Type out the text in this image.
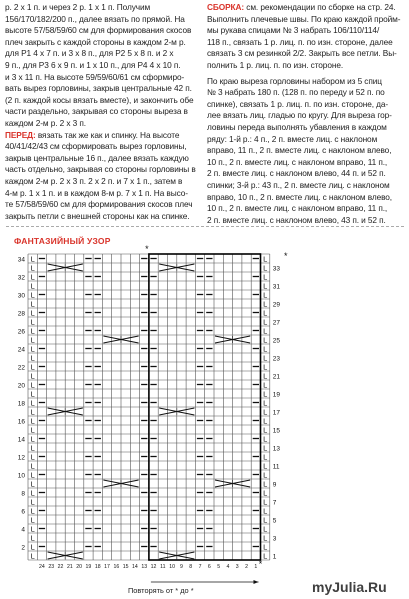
р. 2 х 1 п. и через 2 р. 1 х 1 п. Получим

156/170/182/200 п., далее вязать по прямой. На

высоте 57/58/59/60 см для формирования скосов

плеч закрыть с каждой стороны в каждом 2-м р.

для Р1 4 х 7 п. и 3 х 8 п., для Р2 5 х 8 п. и 2 х

9 п., для Р3 6 х 9 п. и 1 х 10 п., для Р4 4 х 10 п.

и 3 х 11 п. На высоте 59/59/60/61 см сформиро-

вать вырез горловины, закрыв центральные 42 п.

(2 п. каждой косы вязать вместе), и закончить обе

части раздельно, закрывая со стороны выреза в

каждом 2-м р. 2 х 3 п.

ПЕРЕД: вязать так же как и спинку. На высоте

40/41/42/43 см сформировать вырез горловины,

закрыв центральные 16 п., далее вязать каждую

часть отдельно, закрывая со стороны горловины в

каждом 2-м р. 2 х 3 п. 2 х 2 п. и 7 х 1 п., затем в

4-м р. 1 х 1 п. и в каждом 8-м р. 7 х 1 п. На высо-

те 57/58/59/60 см для формирования скосов плеч

закрыть петли с внешней стороны как на спинке.

СБОРКА: см. рекомендации по сборке на стр. 24.

Выполнить плечевые швы. По краю каждой пройм-

мы рукава спицами № 3 набрать 106/110/114/

118 п., связать 1 р. лиц. п. по изн. стороне, далее

связать 3 см резинкой 2/2. Закрыть все петли. Вы-

полнить 1 р. лиц. п. по изн. стороне.

По краю выреза горловины набором из 5 спиц

№ 3 набрать 180 п. (128 п. по переду и 52 п. по

спинке), связать 1 р. лиц. п. по изн. стороне, да-

лее вязать лиц. гладью по кругу. Для выреза гор-

ловины переда выполнять убавления в каждом

ряду: 1-й р.: 4 п., 2 п. вместе лиц. с наклоном

вправо, 11 п., 2 п. вместе лиц. с наклоном влево,

10 п., 2 п. вместе лиц. с наклоном вправо, 11 п.,

2 п. вместе лиц. с наклоном влево, 44 п. и 52 п.

спинки; 3-й р.: 43 п., 2 п. вместе лиц. с наклоном

вправо, 10 п., 2 п. вместе лиц. с наклоном влево,

10 п., 2 п. вместе лиц. с наклоном вправо, 11 п.,

2 п. вместе лиц. с наклоном влево, 43 п. и 52 п.

ФАНТАЗИЙНЫЙ УЗОР
L	L
L	L
L	L
L	L
L	L
L	L
L	L
L	L
L	L
L	L
L	L
L	L
L	L
L	L
L	L
L	L
L	L
L	L
L	L
L	L
L	L
L	L
L	L
L	L
L	L
L	L
L	L
L	L
L	L
L	L
L	L
L	L
L	L
L	L
34
32
30
28
26
24
22
20
18
16
14
12
10
8
6
4
2
33
31
29
27
25
23
21
19
17
15
13
11
9
7
5
3
1
24 23 22 21 20 19 18 17 16 15 14 13 12 11 10 9 8 7 6 5 4 3 2 1
*
*
*
Повторять от * до *	myJulia.Ru
